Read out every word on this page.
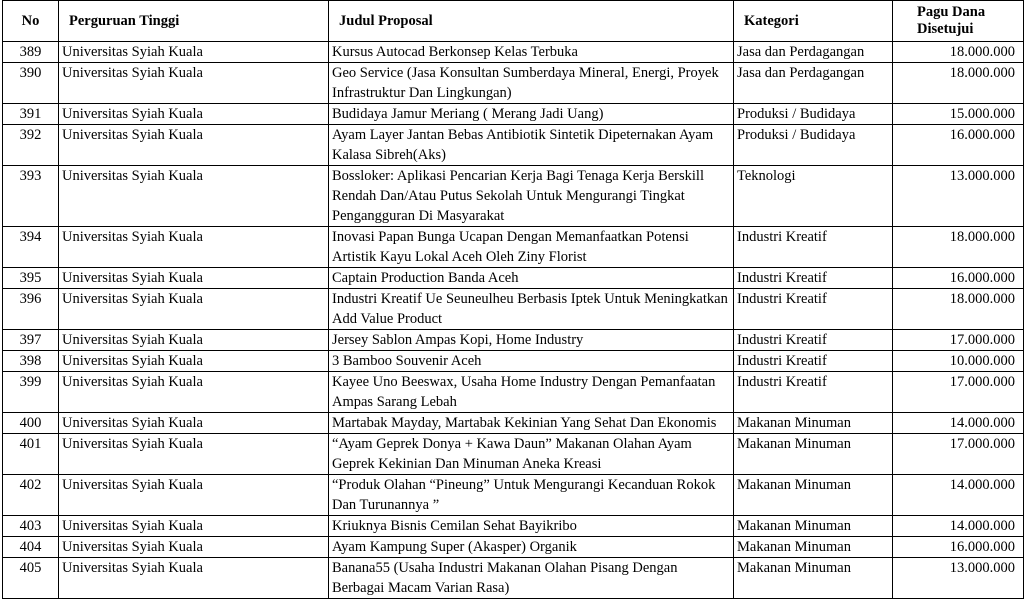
No	Perguruan Tinggi	Judul Proposal	Kategori	Pagu Dana
Disetujui

389	Universitas Syiah Kuala	Kursus Autocad Berkonsep Kelas Terbuka	Jasa dan Perdagangan	18.000.000
390	Universitas Syiah Kuala	Geo Service (Jasa Konsultan Sumberdaya Mineral, Energi, Proyek Infrastruktur Dan Lingkungan)	Jasa dan Perdagangan	18.000.000
391	Universitas Syiah Kuala	Budidaya Jamur Meriang ( Merang Jadi Uang)	Produksi / Budidaya	15.000.000
392	Universitas Syiah Kuala	Ayam Layer Jantan Bebas Antibiotik Sintetik Dipeternakan Ayam Kalasa Sibreh(Aks)	Produksi / Budidaya	16.000.000
393	Universitas Syiah Kuala	Bossloker: Aplikasi Pencarian Kerja Bagi Tenaga Kerja Berskill Rendah Dan/Atau Putus Sekolah Untuk Mengurangi Tingkat Pengangguran Di Masyarakat	Teknologi	13.000.000
394	Universitas Syiah Kuala	Inovasi Papan Bunga Ucapan Dengan Memanfaatkan Potensi Artistik Kayu Lokal Aceh Oleh Ziny Florist	Industri Kreatif	18.000.000
395	Universitas Syiah Kuala	Captain Production Banda Aceh	Industri Kreatif	16.000.000
396	Universitas Syiah Kuala	Industri Kreatif Ue Seuneulheu Berbasis Iptek Untuk Meningkatkan Add Value Product	Industri Kreatif	18.000.000
397	Universitas Syiah Kuala	Jersey Sablon Ampas Kopi, Home Industry	Industri Kreatif	17.000.000
398	Universitas Syiah Kuala	3 Bamboo Souvenir Aceh	Industri Kreatif	10.000.000
399	Universitas Syiah Kuala	Kayee Uno Beeswax, Usaha Home Industry Dengan Pemanfaatan Ampas Sarang Lebah	Industri Kreatif	17.000.000
400	Universitas Syiah Kuala	Martabak Mayday, Martabak Kekinian Yang Sehat Dan Ekonomis	Makanan Minuman	14.000.000
401	Universitas Syiah Kuala	“Ayam Geprek Donya + Kawa Daun” Makanan Olahan Ayam Geprek Kekinian Dan Minuman Aneka Kreasi	Makanan Minuman	17.000.000
402	Universitas Syiah Kuala	“Produk Olahan “Pineung” Untuk Mengurangi Kecanduan Rokok Dan Turunannya ”	Makanan Minuman	14.000.000
403	Universitas Syiah Kuala	Kriuknya Bisnis Cemilan Sehat Bayikribo	Makanan Minuman	14.000.000
404	Universitas Syiah Kuala	Ayam Kampung Super (Akasper) Organik	Makanan Minuman	16.000.000
405	Universitas Syiah Kuala	Banana55 (Usaha Industri Makanan Olahan Pisang Dengan Berbagai Macam Varian Rasa)	Makanan Minuman	13.000.000
